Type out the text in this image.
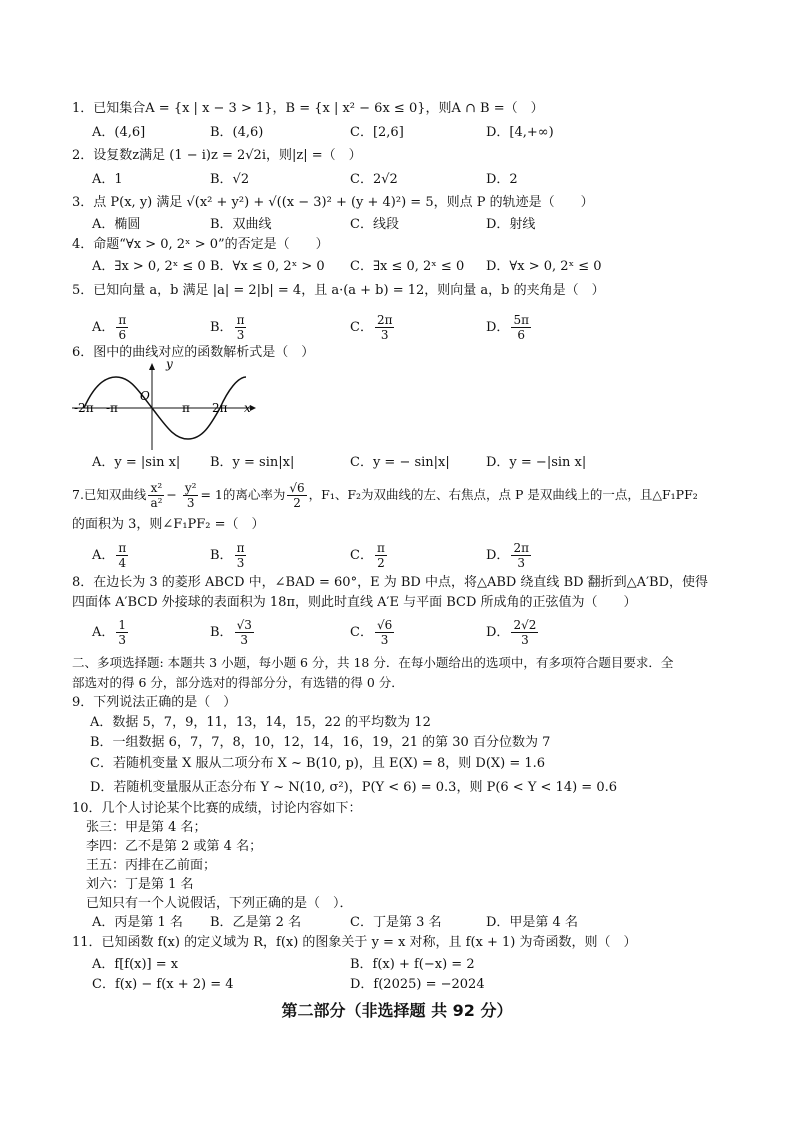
1．已知集合A = {x | x − 3 > 1}，B = {x | x² − 6x ≤ 0}，则A ∩ B =（　）
A．(4,6]	B．(4,6)	C．[2,6]	D．[4,+∞)
2．设复数z满足 (1 − i)z = 2√2i，则|z| =（　）
A．1	B．√2	C．2√2	D．2
3．点 P(x, y) 满足 √(x² + y²) + √((x − 3)² + (y + 4)²) = 5，则点 P 的轨迹是（　　）
A．椭圆	B．双曲线	C．线段	D．射线
4．命题“∀x > 0, 2ˣ > 0”的否定是（　　）
A．∃x > 0, 2ˣ ≤ 0 B．∀x ≤ 0, 2ˣ > 0 C．∃x ≤ 0, 2ˣ ≤ 0 D．∀x > 0, 2ˣ ≤ 0
5．已知向量 a，b 满足 |a| = 2|b| = 4，且 a·(a + b) = 12，则向量 a，b 的夹角是（　）
A． $\frac{\pi}{6}$	B． $\frac{\pi}{3}$	C． $\frac{2\pi}{3}$	D． $\frac{5\pi}{6}$
6．图中的曲线对应的函数解析式是（　）
y
x
O
-2π -π	π 2π
A．y = |sin x| B．y = sin|x|	C．y = − sin|x|	D．y = −|sin x|
7.已知双曲线 $\frac{\text{x²}}{\text{a²}} - \frac{\text{y²}}{3} = 1$的离心率为 $\frac{√6}{2}$ ，F₁、F₂为双曲线的左、右焦点，点 P 是双曲线上的一点，且△F₁PF₂
的面积为 3，则∠F₁PF₂ =（　）
A． $\frac{\pi}{4}$	B． $\frac{\pi}{3}$	C． $\frac{\pi}{2}$	D． $\frac{2\pi}{3}$
8．在边长为 3 的菱形 ABCD 中，∠BAD = 60°，E 为 BD 中点，将△ABD 绕直线 BD 翻折到△A′BD，使得
四面体 A′BCD 外接球的表面积为 18π，则此时直线 A′E 与平面 BCD 所成角的正弦值为（　　）
A． $\frac{1}{3}$	B． $\frac{√3}{3}$	C． $\frac{√6}{3}$	D． $\frac{2√2}{3}$
二、多项选择题: 本题共 3 小题，每小题 6 分，共 18 分．在每小题给出的选项中，有多项符合题目要求．全
部选对的得 6 分，部分选对的得部分分，有选错的得 0 分．
9．下列说法正确的是（　）
A．数据 5，7，9，11，13，14，15，22 的平均数为 12
B．一组数据 6，7，7，8，10，12，14，16，19，21 的第 30 百分位数为 7
C．若随机变量 X 服从二项分布 X ~ B(10, p)，且 E(X) = 8，则 D(X) = 1.6
D．若随机变量服从正态分布 Y ~ N(10, σ²)，P(Y < 6) = 0.3，则 P(6 < Y < 14) = 0.6
10．几个人讨论某个比赛的成绩，讨论内容如下：
张三：甲是第 4 名；
李四：乙不是第 2 或第 4 名；
王五：丙排在乙前面；
刘六：丁是第 1 名
已知只有一个人说假话，下列正确的是（　）．
A．丙是第 1 名 B．乙是第 2 名	C．丁是第 3 名	D．甲是第 4 名
11．已知函数 f(x) 的定义域为 R，f(x) 的图象关于 y = x 对称，且 f(x + 1) 为奇函数，则（　）
A．f[f(x)] = x	B．f(x) + f(−x) = 2
C．f(x) − f(x + 2) = 4	D．f(2025) = −2024
第二部分（非选择题 共 92 分）
